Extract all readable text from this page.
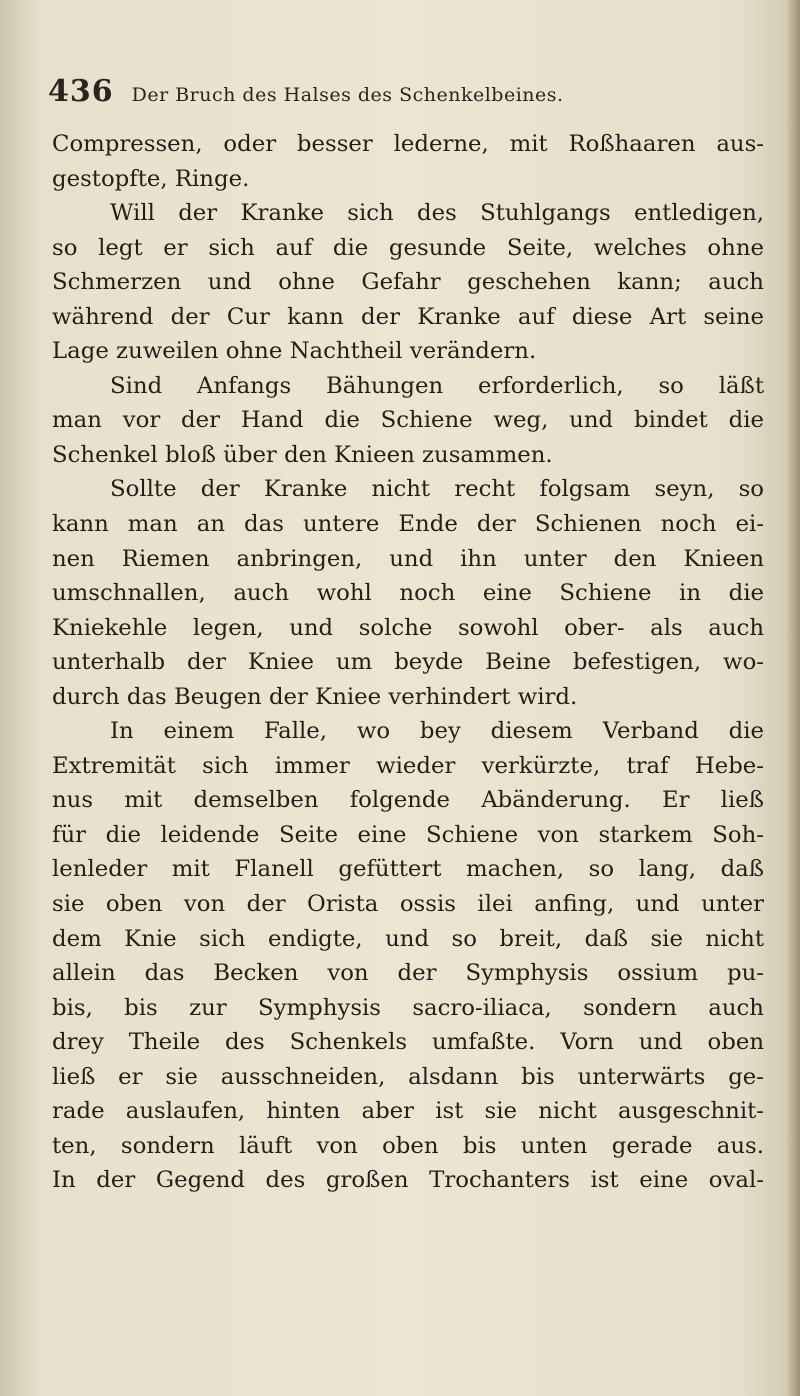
436 Der Bruch des Halses des Schenkelbeines.
Compressen, oder besser lederne, mit Roßhaaren aus-
gestopfte, Ringe.
Will der Kranke sich des Stuhlgangs entledigen,
so legt er sich auf die gesunde Seite, welches ohne
Schmerzen und ohne Gefahr geschehen kann; auch
während der Cur kann der Kranke auf diese Art seine
Lage zuweilen ohne Nachtheil verändern.
Sind Anfangs Bähungen erforderlich, so läßt
man vor der Hand die Schiene weg, und bindet die
Schenkel bloß über den Knieen zusammen.
Sollte der Kranke nicht recht folgsam seyn, so
kann man an das untere Ende der Schienen noch ei-
nen Riemen anbringen, und ihn unter den Knieen
umschnallen, auch wohl noch eine Schiene in die
Kniekehle legen, und solche sowohl ober- als auch
unterhalb der Kniee um beyde Beine befestigen, wo-
durch das Beugen der Kniee verhindert wird.
In einem Falle, wo bey diesem Verband die
Extremität sich immer wieder verkürzte, traf Hebe-
nus mit demselben folgende Abänderung. Er ließ
für die leidende Seite eine Schiene von starkem Soh-
lenleder mit Flanell gefüttert machen, so lang, daß
sie oben von der Orista ossis ilei anfing, und unter
dem Knie sich endigte, und so breit, daß sie nicht
allein das Becken von der Symphysis ossium pu-
bis, bis zur Symphysis sacro-iliaca, sondern auch
drey Theile des Schenkels umfaßte. Vorn und oben
ließ er sie ausschneiden, alsdann bis unterwärts ge-
rade auslaufen, hinten aber ist sie nicht ausgeschnit-
ten, sondern läuft von oben bis unten gerade aus.
In der Gegend des großen Trochanters ist eine oval-
